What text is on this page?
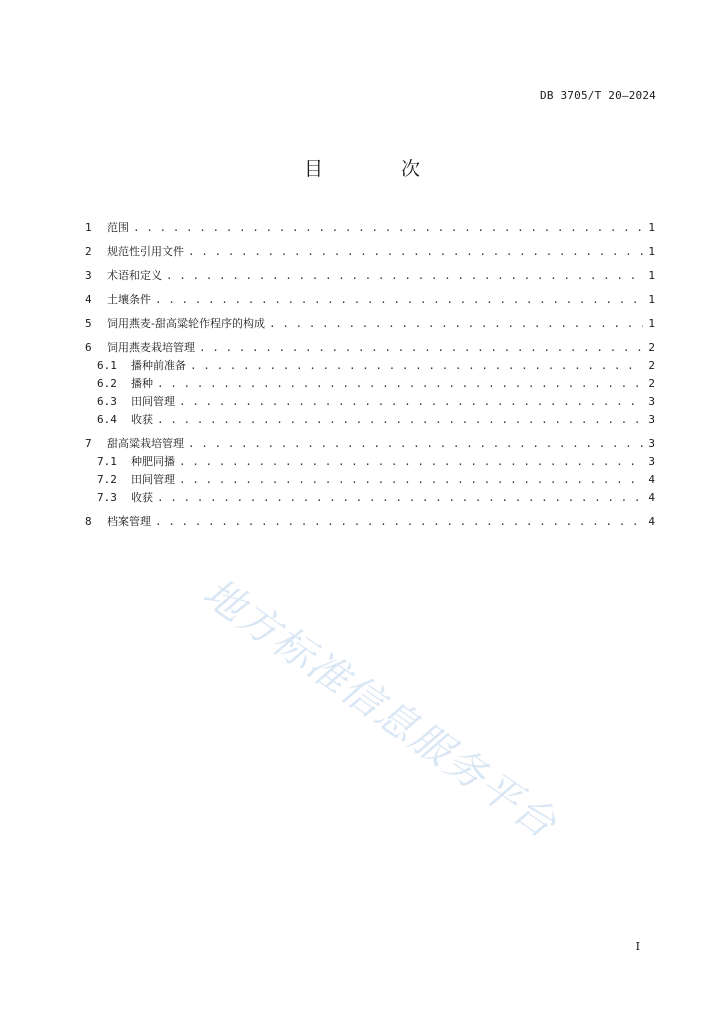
DB 3705/T 20—2024
目 次
1	范围 . . .	1
2	规范性引用文件 . . .	1
3	术语和定义 . . .	1
4	土壤条件 . . .	1
5	饲用燕麦-甜高粱轮作程序的构成 . . .	1
6	饲用燕麦栽培管理 . . .	2
6.1	播种前准备 . . .	2
6.2	播种 . . .	2
6.3	田间管理 . . .	3
6.4	收获 . . .	3
7	甜高粱栽培管理 . . .	3
7.1	种肥同播 . . .	3
7.2	田间管理 . . .	4
7.3	收获 . . .	4
8	档案管理 . . .	4
地方标准信息服务平台
I
